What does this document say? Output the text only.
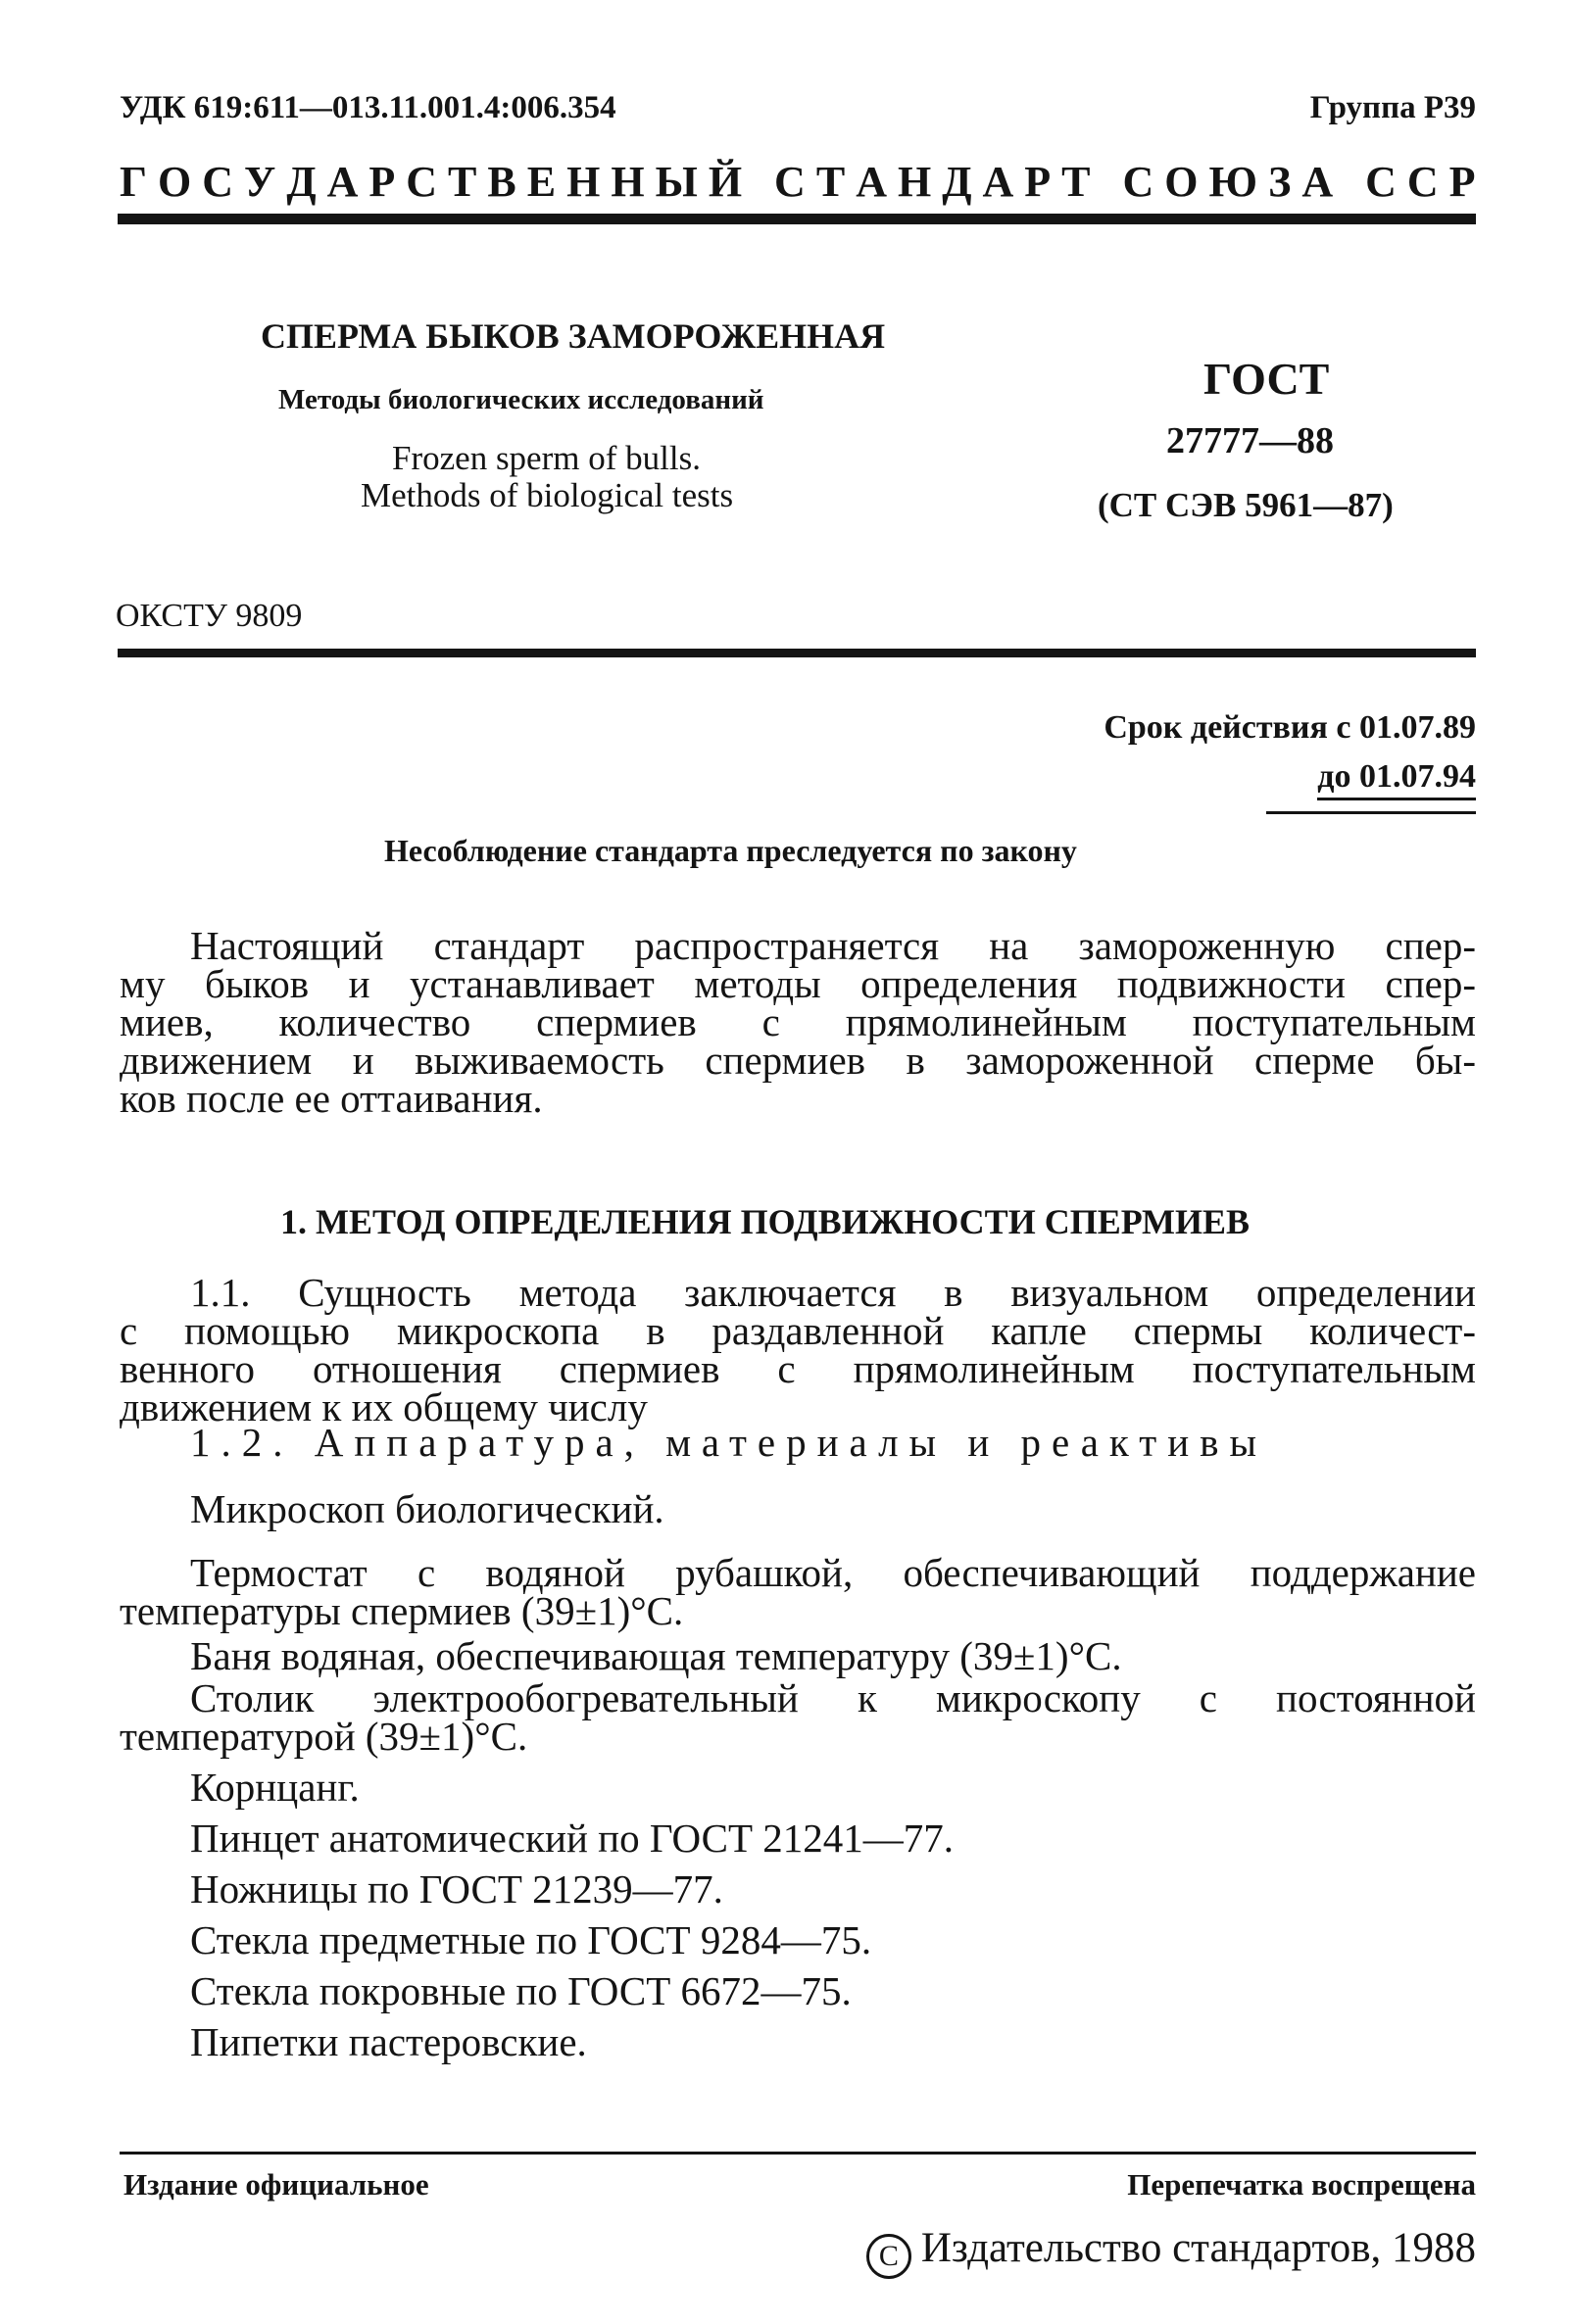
УДК 619:611—013.11.001.4:006.354	Группа Р39
Г О С У Д А Р С Т В Е Н Н Ы Й
С Т А Н Д А Р Т
С О Ю З А
С С Р
СПЕРМА БЫКОВ ЗАМОРОЖЕННАЯ
Методы биологических исследований
Frozen sperm of bulls.
Methods of biological tests
ГОСТ
27777—88
(СТ СЭВ 5961—87)
ОКСТУ 9809
Срок действия с 01.07.89
до 01.07.94
Несоблюдение стандарта преследуется по закону
Настоящий стандарт распространяется на замороженную спер-
му быков и устанавливает методы определения подвижности спер-
миев, количество спермиев с прямолинейным поступательным
движением и выживаемость спермиев в замороженной сперме бы-
ков после ее оттаивания.
1. МЕТОД ОПРЕДЕЛЕНИЯ ПОДВИЖНОСТИ СПЕРМИЕВ
1.1. Сущность метода заключается в визуальном определении
с помощью микроскопа в раздавленной капле спермы количест-
венного отношения спермиев с прямолинейным поступательным
движением к их общему числу
1.2. Аппаратура, материалы и реактивы
Микроскоп биологический.
Термостат с водяной рубашкой, обеспечивающий поддержание
температуры спермиев (39±1)°С.
Баня водяная, обеспечивающая температуру (39±1)°С.
Столик электрообогревательный к микроскопу с постоянной
температурой (39±1)°С.
Корнцанг.
Пинцет анатомический по ГОСТ 21241—77.
Ножницы по ГОСТ 21239—77.
Стекла предметные по ГОСТ 9284—75.
Стекла покровные по ГОСТ 6672—75.
Пипетки пастеровские.
Издание официальное	Перепечатка воспрещена
C Издательство стандартов, 1988
